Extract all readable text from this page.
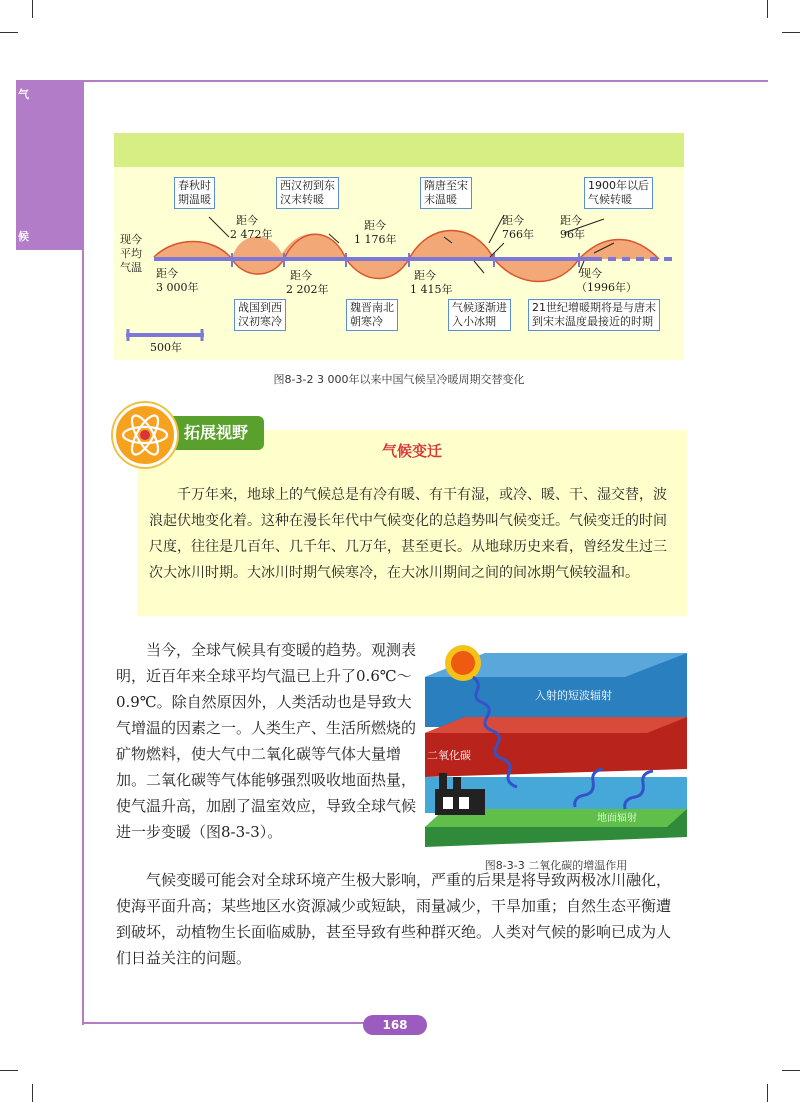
气
候	现今
平均
气温 距今
3 000年
距今
2 472年
距今
2 202年
距今
1 176年
距今
1 415年
距今
766年
距今
96年
现今
（1996年）
春秋时
期温暖
战国到西
汉初寒冷
西汉初到东
汉末转暖
魏晋南北
朝寒冷
隋唐至宋
末温暖
气候逐渐进
入小冰期
1900年以后
气候转暖
21世纪增暖期将是与唐末
到宋末温度最接近的时期
500年
图8-3-2 3 000年以来中国气候呈冷暖周期交替变化
气候变迁
千万年来，地球上的气候总是有冷有暖、有干有湿，或冷、暖、干、湿交替，波浪起伏地变化着。这种在漫长年代中气候变化的总趋势叫气候变迁。气候变迁的时间尺度，往往是几百年、几千年、几万年，甚至更长。从地球历史来看，曾经发生过三次大冰川时期。大冰川时期气候寒冷，在大冰川期间之间的间冰期气候较温和。
拓展视野
当今，全球气候具有变暖的趋势。观测表明，近百年来全球平均气温已上升了0.6℃～0.9℃。除自然原因外，人类活动也是导致大气增温的因素之一。人类生产、生活所燃烧的矿物燃料，使大气中二氧化碳等气体大量增加。二氧化碳等气体能够强烈吸收地面热量，使气温升高，加剧了温室效应，导致全球气候进一步变暖（图8-3-3）。
入射的短波辐射
二氧化碳
地面辐射
图8-3-3 二氧化碳的增温作用
气候变暖可能会对全球环境产生极大影响，严重的后果是将导致两极冰川融化，使海平面升高；某些地区水资源减少或短缺，雨量减少，干旱加重；自然生态平衡遭到破坏，动植物生长面临威胁，甚至导致有些种群灭绝。人类对气候的影响已成为人们日益关注的问题。
168
